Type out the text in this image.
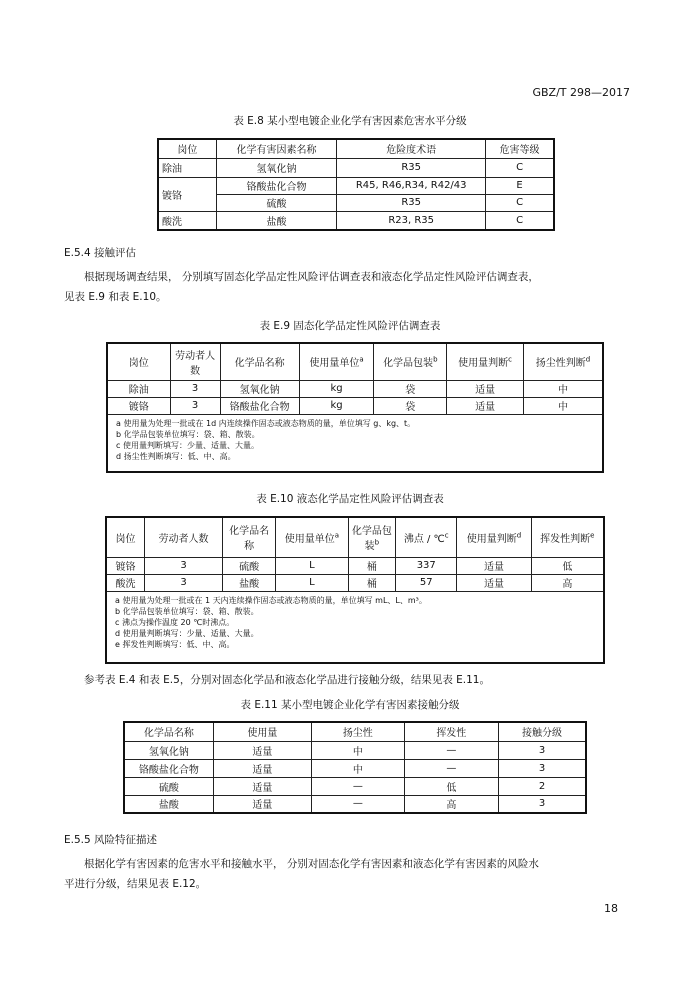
GBZ/T 298—2017
表 E.8 某小型电镀企业化学有害因素危害水平分级
岗位	化学有害因素名称	危险度术语	危害等级
除油	氢氧化钠	R35	C
镀铬	铬酸盐化合物	R45, R46,R34, R42/43	E
	硫酸	R35	C
酸洗	盐酸	R23, R35	C
E.5.4 接触评估
根据现场调查结果， 分别填写固态化学品定性风险评估调查表和液态化学品定性风险评估调查表，
见表 E.9 和表 E.10。
表 E.9 固态化学品定性风险评估调查表
岗位	劳动者人数	化学品名称	使用量单位$^a$	化学品包装$^b$	使用量判断$^c$	扬尘性判断$^d$
除油	3	氢氧化钠	kg	袋	适量	中
镀铬	3	铬酸盐化合物	kg	袋	适量	中

a 使用量为处理一批或在 1d 内连续操作固态或液态物质的量，单位填写 g、kg、t。
b 化学品包装单位填写：袋、箱、散装。
c 使用量判断填写：少量、适量、大量。
d 扬尘性判断填写：低、中、高。						
表 E.10 液态化学品定性风险评估调查表
岗位	劳动者人数	化学品名称	使用量单位$^a$	化学品包装$^b$	沸点 / ℃$^c$	使用量判断$^d$	挥发性判断$^e$
镀铬	3	硫酸	L	桶	337	适量	低
酸洗	3	盐酸	L	桶	57	适量	高

a 使用量为处理一批或在 1 天内连续操作固态或液态物质的量，单位填写 mL、L、m³。
b 化学品包装单位填写：袋、箱、散装。
c 沸点为操作温度 20 ℃时沸点。
d 使用量判断填写：少量、适量、大量。
e 挥发性判断填写：低、中、高。							
参考表 E.4 和表 E.5，分别对固态化学品和液态化学品进行接触分级，结果见表 E.11。
表 E.11 某小型电镀企业化学有害因素接触分级
化学品名称	使用量	扬尘性	挥发性	接触分级
氢氧化钠	适量	中	—	3
铬酸盐化合物	适量	中	—	3
硫酸	适量	—	低	2
盐酸	适量	—	高	3
E.5.5 风险特征描述
根据化学有害因素的危害水平和接触水平， 分别对固态化学有害因素和液态化学有害因素的风险水
平进行分级，结果见表 E.12。
18
